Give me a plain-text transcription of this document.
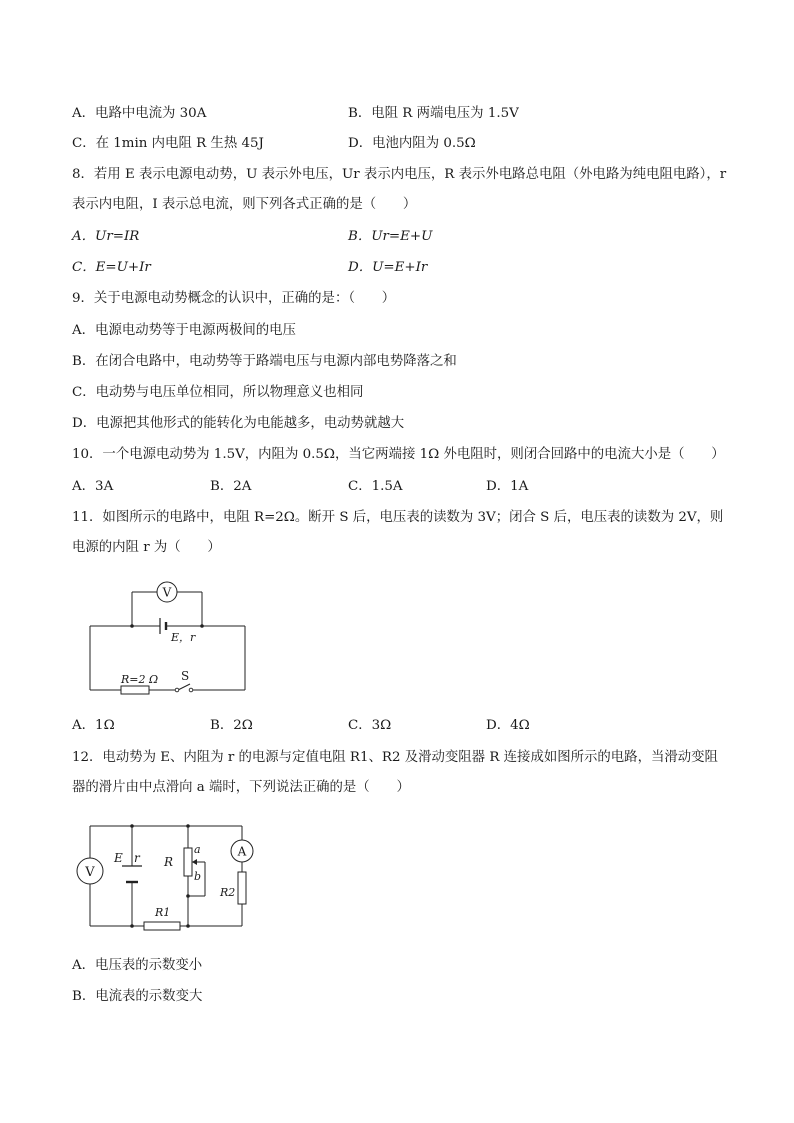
A．电路中电流为 30A	B．电阻 R 两端电压为 1.5V
C．在 1min 内电阻 R 生热 45J	D．电池内阻为 0.5Ω
8．若用 E 表示电源电动势，U 表示外电压，Ur 表示内电压，R 表示外电路总电阻（外电路为纯电阻电路），r
表示内电阻，I 表示总电流，则下列各式正确的是（　　）
A．Ur=IR	B．Ur=E+U
C．E=U+Ir	D．U=E+Ir
9．关于电源电动势概念的认识中，正确的是：（　　）
A．电源电动势等于电源两极间的电压
B．在闭合电路中，电动势等于路端电压与电源内部电势降落之和
C．电动势与电压单位相同，所以物理意义也相同
D．电源把其他形式的能转化为电能越多，电动势就越大
10．一个电源电动势为 1.5V，内阻为 0.5Ω，当它两端接 1Ω 外电阻时，则闭合回路中的电流大小是（　　）
A．3A	B．2A	C．1.5A	D．1A
11．如图所示的电路中，电阻 R=2Ω。断开 S 后，电压表的读数为 3V；闭合 S 后，电压表的读数为 2V，则
电源的内阻 r 为（　　）
V
R=2 Ω S
E，r
A．1Ω	B．2Ω	C．3Ω	D．4Ω
12．电动势为 E、内阻为 r 的电源与定值电阻 R1、R2 及滑动变阻器 R 连接成如图所示的电路，当滑动变阻
器的滑片由中点滑向 a 端时，下列说法正确的是（　　）
V
E r R
a
b
A
R2
R1
A．电压表的示数变小
B．电流表的示数变大
